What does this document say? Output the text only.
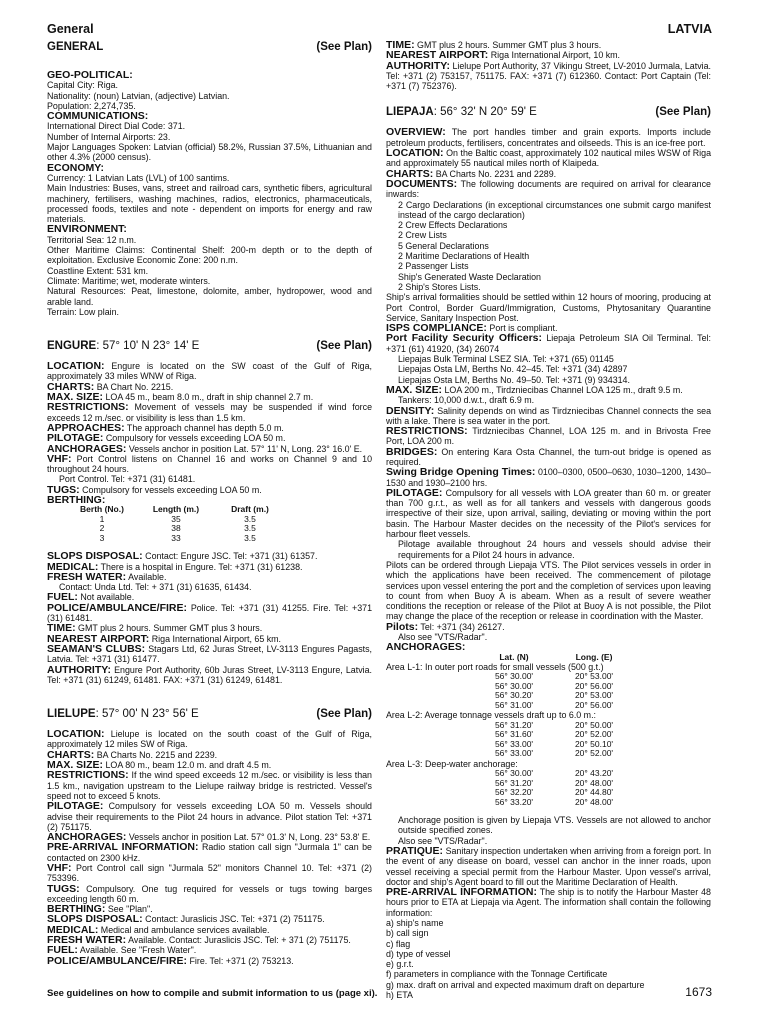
General	LATVIA
GENERAL	(See Plan)

GEO-POLITICAL:

Capital City: Riga.

Nationality: (noun) Latvian, (adjective) Latvian.

Population: 2,274,735.

COMMUNICATIONS:

International Direct Dial Code: 371.

Number of Internal Airports: 23.

Major Languages Spoken: Latvian (official) 58.2%, Russian 37.5%, Lithuanian and other 4.3% (2000 census).

ECONOMY:

Currency: 1 Latvian Lats (LVL) of 100 santims.

Main Industries: Buses, vans, street and railroad cars, synthetic fibers, agricultural machinery, fertilisers, washing machines, radios, electronics, pharmaceuticals, processed foods, textiles and note - dependent on imports for energy and raw materials.

ENVIRONMENT:

Territorial Sea: 12 n.m.

Other Maritime Claims: Continental Shelf: 200-m depth or to the depth of exploitation. Exclusive Economic Zone: 200 n.m.

Coastline Extent: 531 km.

Climate: Maritime; wet, moderate winters.

Natural Resources: Peat, limestone, dolomite, amber, hydropower, wood and arable land.

Terrain: Low plain.

ENGURE: 57° 10' N 23° 14' E	(See Plan)

LOCATION: Engure is located on the SW coast of the Gulf of Riga, approximately 33 miles WNW of Riga.

CHARTS: BA Chart No. 2215.

MAX. SIZE: LOA 45 m., beam 8.0 m., draft in ship channel 2.7 m.

RESTRICTIONS: Movement of vessels may be suspended if wind force exceeds 12 m./sec. or visibility is less than 1.5 km.

APPROACHES: The approach channel has depth 5.0 m.

PILOTAGE: Compulsory for vessels exceeding LOA 50 m.

ANCHORAGES: Vessels anchor in position Lat. 57° 11' N, Long. 23° 16.0' E.

VHF: Port Control listens on Channel 16 and works on Channel 9 and 10 throughout 24 hours.

Port Control. Tel: +371 (31) 61481.

TUGS: Compulsory for vessels exceeding LOA 50 m.

BERTHING:

Berth (No.)	Length (m.)	Draft (m.)
1	35	3.5
2	38	3.5
3	33	3.5

SLOPS DISPOSAL: Contact: Engure JSC. Tel: +371 (31) 61357.

MEDICAL: There is a hospital in Engure. Tel: +371 (31) 61238.

FRESH WATER: Available.

Contact: Unda Ltd. Tel: + 371 (31) 61635, 61434.

FUEL: Not available.

POLICE/AMBULANCE/FIRE: Police. Tel: +371 (31) 41255. Fire. Tel: +371 (31) 61481.

TIME: GMT plus 2 hours. Summer GMT plus 3 hours.

NEAREST AIRPORT: Riga International Airport, 65 km.

SEAMAN'S CLUBS: Stagars Ltd, 62 Juras Street, LV-3113 Engures Pagasts, Latvia. Tel: +371 (31) 61477.

AUTHORITY: Engure Port Authority, 60b Juras Street, LV-3113 Engure, Latvia. Tel: +371 (31) 61249, 61481. FAX: +371 (31) 61249, 61481.

LIELUPE: 57° 00' N 23° 56' E	(See Plan)

LOCATION: Lielupe is located on the south coast of the Gulf of Riga, approximately 12 miles SW of Riga.

CHARTS: BA Charts No. 2215 and 2239.

MAX. SIZE: LOA 80 m., beam 12.0 m. and draft 4.5 m.

RESTRICTIONS: If the wind speed exceeds 12 m./sec. or visibility is less than 1.5 km., navigation upstream to the Lielupe railway bridge is restricted. Vessel's speed not to exceed 5 knots.

PILOTAGE: Compulsory for vessels exceeding LOA 50 m. Vessels should advise their requirements to the Pilot 24 hours in advance. Pilot station Tel: +371 (2) 751175.

ANCHORAGES: Vessels anchor in position Lat. 57° 01.3' N, Long. 23° 53.8' E.

PRE-ARRIVAL INFORMATION: Radio station call sign "Jurmala 1" can be contacted on 2300 kHz.

VHF: Port Control call sign "Jurmala 52" monitors Channel 10. Tel: +371 (2) 753396.

TUGS: Compulsory. One tug required for vessels or tugs towing barges exceeding length 60 m.

BERTHING: See "Plan".

SLOPS DISPOSAL: Contact: Juraslicis JSC. Tel: +371 (2) 751175.

MEDICAL: Medical and ambulance services available.

FRESH WATER: Available. Contact: Juraslicis JSC. Tel: + 371 (2) 751175.

FUEL: Available. See "Fresh Water".

POLICE/AMBULANCE/FIRE: Fire. Tel: +371 (2) 753213.

TIME: GMT plus 2 hours. Summer GMT plus 3 hours.

NEAREST AIRPORT: Riga International Airport, 10 km.

AUTHORITY: Lielupe Port Authority, 37 Vikingu Street, LV-2010 Jurmala, Latvia. Tel: +371 (2) 753157, 751175. FAX: +371 (7) 612360. Contact: Port Captain (Tel: +371 (7) 752376).

LIEPAJA: 56° 32' N 20° 59' E	(See Plan)

OVERVIEW: The port handles timber and grain exports. Imports include petroleum products, fertilisers, concentrates and oilseeds. This is an ice-free port.

LOCATION: On the Baltic coast, approximately 102 nautical miles WSW of Riga and approximately 55 nautical miles north of Klaipeda.

CHARTS: BA Charts No. 2231 and 2289.

DOCUMENTS: The following documents are required on arrival for clearance inwards:

2 Cargo Declarations (in exceptional circumstances one submit cargo manifest instead of the cargo declaration)

2 Crew Effects Declarations

2 Crew Lists

5 General Declarations

2 Maritime Declarations of Health

2 Passenger Lists

Ship's Generated Waste Declaration

2 Ship's Stores Lists.

Ship's arrival formalities should be settled within 12 hours of mooring, producing at Port Control, Border Guard/Immigration, Customs, Phytosanitary Quarantine Service, Sanitary Inspection Post.

ISPS COMPLIANCE: Port is compliant.

Port Facility Security Officers: Liepaja Petroleum SIA Oil Terminal. Tel: +371 (61) 41920, (34) 26074

Liepajas Bulk Terminal LSEZ SIA. Tel: +371 (65) 01145

Liepajas Osta LM, Berths No. 42–45. Tel: +371 (34) 42897

Liepajas Osta LM, Berths No. 49–50. Tel: +371 (9) 934314.

MAX. SIZE: LOA 200 m., Tirdzniecibas Channel LOA 125 m., draft 9.5 m.

Tankers: 10,000 d.w.t., draft 6.9 m.

DENSITY: Salinity depends on wind as Tirdzniecibas Channel connects the sea with a lake. There is sea water in the port.

RESTRICTIONS: Tirdzniecibas Channel, LOA 125 m. and in Brivosta Free Port, LOA 200 m.

BRIDGES: On entering Kara Osta Channel, the turn-out bridge is opened as required.

Swing Bridge Opening Times: 0100–0300, 0500–0630, 1030–1200, 1430–1530 and 1930–2100 hrs.

PILOTAGE: Compulsory for all vessels with LOA greater than 60 m. or greater than 700 g.r.t., as well as for all tankers and vessels with dangerous goods irrespective of their size, upon arrival, sailing, deviating or moving within the port basin. The Harbour Master decides on the necessity of the Pilot's services for harbour fleet vessels.

Pilotage available throughout 24 hours and vessels should advise their requirements for a Pilot 24 hours in advance.

Pilots can be ordered through Liepaja VTS. The Pilot services vessels in order in which the applications have been received. The commencement of pilotage services upon vessel entering the port and the completion of services upon leaving to count from when Buoy A is abeam. When as a result of severe weather conditions the reception or release of the Pilot at Buoy A is not possible, the Pilot may change the place of the reception or release in coordination with the Master.

Pilots: Tel: +371 (34) 26127.

Also see "VTS/Radar".

ANCHORAGES:

	Lat. (N)	Long. (E)

Area L-1: In outer port roads for small vessels (500 g.t.)

	56° 30.00'	20° 53.00'
	56° 30.00'	20° 56.00'
	56° 30.20'	20° 53.00'
	56° 31.00'	20° 56.00'

Area L-2: Average tonnage vessels draft up to 6.0 m.:

	56° 31.20'	20° 50.00'
	56° 31.60'	20° 52.00'
	56° 33.00'	20° 50.10'
	56° 33.00'	20° 52.00'

Area L-3: Deep-water anchorage:

	56° 30.00'	20° 43.20'
	56° 31.20'	20° 48.00'
	56° 32.20'	20° 44.80'
	56° 33.20'	20° 48.00'

Anchorage position is given by Liepaja VTS. Vessels are not allowed to anchor outside specified zones.

Also see "VTS/Radar".

PRATIQUE: Sanitary inspection undertaken when arriving from a foreign port. In the event of any disease on board, vessel can anchor in the inner roads, upon vessel receiving a special permit from the Harbour Master. Upon vessel's arrival, doctor and ship's Agent board to fill out the Maritime Declaration of Health.

PRE-ARRIVAL INFORMATION: The ship is to notify the Harbour Master 48 hours prior to ETA at Liepaja via Agent. The information shall contain the following information:

a) ship's name

b) call sign

c) flag

d) type of vessel

e) g.r.t.

f) parameters in compliance with the Tonnage Certificate

g) max. draft on arrival and expected maximum draft on departure

h) ETA

See guidelines on how to compile and submit information to us (page xi).	1673
